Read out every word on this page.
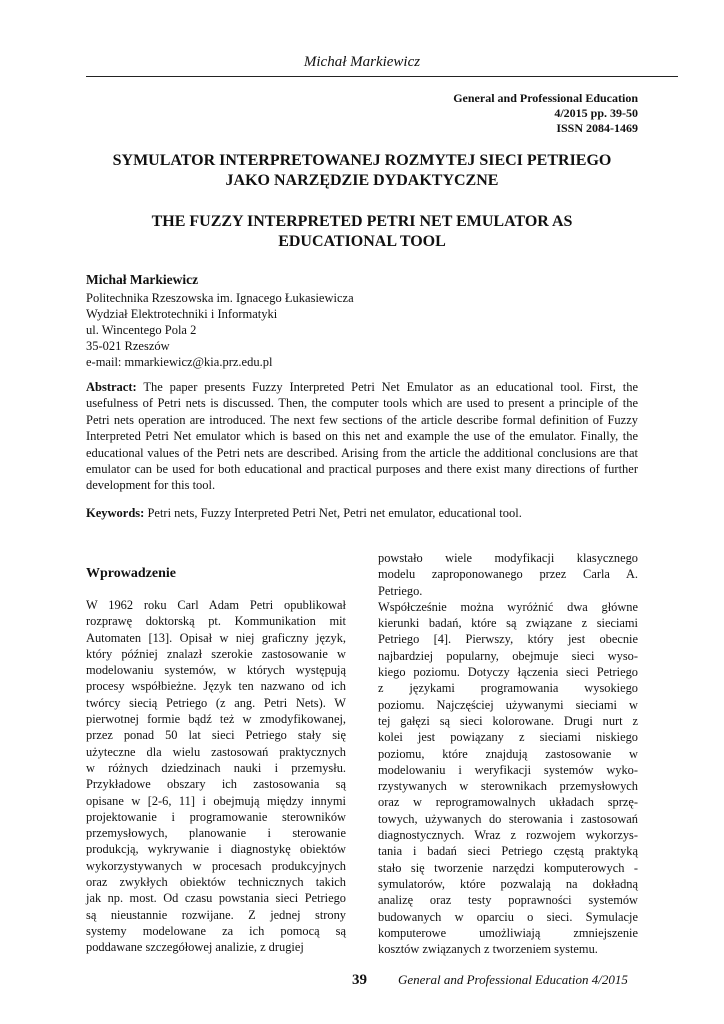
Michał Markiewicz
General and Professional Education
4/2015 pp. 39-50
ISSN 2084-1469
SYMULATOR INTERPRETOWANEJ ROZMYTEJ SIECI PETRIEGO
JAKO NARZĘDZIE DYDAKTYCZNE
THE FUZZY INTERPRETED PETRI NET EMULATOR AS
EDUCATIONAL TOOL
Michał Markiewicz
Politechnika Rzeszowska im. Ignacego Łukasiewicza
Wydział Elektrotechniki i Informatyki
ul. Wincentego Pola 2
35-021 Rzeszów
e-mail: mmarkiewicz@kia.prz.edu.pl
Abstract: The paper presents Fuzzy Interpreted Petri Net Emulator as an educational tool. First, the usefulness of Petri nets is discussed. Then, the computer tools which are used to present a principle of the Petri nets operation are introduced. The next few sections of the article describe formal definition of Fuzzy Interpreted Petri Net emulator which is based on this net and example the use of the emulator. Finally, the educational values of the Petri nets are described. Arising from the article the additional conclusions are that emulator can be used for both educational and practical purposes and there exist many directions of further development for this tool.
Keywords: Petri nets, Fuzzy Interpreted Petri Net, Petri net emulator, educational tool.
Wprowadzenie
W 1962 roku Carl Adam Petri opublikował
rozprawę doktorską pt. Kommunikation mit
Automaten [13]. Opisał w niej graficzny język,
który później znalazł szerokie zastosowanie w
modelowaniu systemów, w których występują
procesy współbieżne. Język ten nazwano od ich
twórcy siecią Petriego (z ang. Petri Nets). W
pierwotnej formie bądź też w zmodyfikowanej,
przez ponad 50 lat sieci Petriego stały się
użyteczne dla wielu zastosowań praktycznych
w różnych dziedzinach nauki i przemysłu.
Przykładowe obszary ich zastosowania są
opisane w [2-6, 11] i obejmują między innymi
projektowanie i programowanie sterowników
przemysłowych, planowanie i sterowanie
produkcją, wykrywanie i diagnostykę obiektów
wykorzystywanych w procesach produkcyjnych
oraz zwykłych obiektów technicznych takich
jak np. most. Od czasu powstania sieci Petriego
są nieustannie rozwijane. Z jednej strony
systemy modelowane za ich pomocą są
poddawane szczegółowej analizie, z drugiej
powstało wiele modyfikacji klasycznego
modelu zaproponowanego przez Carla A.
Petriego.
Współcześnie można wyróżnić dwa główne
kierunki badań, które są związane z sieciami
Petriego [4]. Pierwszy, który jest obecnie
najbardziej popularny, obejmuje sieci wyso-
kiego poziomu. Dotyczy łączenia sieci Petriego
z językami programowania wysokiego
poziomu. Najczęściej używanymi sieciami w
tej gałęzi są sieci kolorowane. Drugi nurt z
kolei jest powiązany z sieciami niskiego
poziomu, które znajdują zastosowanie w
modelowaniu i weryfikacji systemów wyko-
rzystywanych w sterownikach przemysłowych
oraz w reprogramowalnych układach sprzę-
towych, używanych do sterowania i zastosowań
diagnostycznych. Wraz z rozwojem wykorzys-
tania i badań sieci Petriego częstą praktyką
stało się tworzenie narzędzi komputerowych -
symulatorów, które pozwalają na dokładną
analizę oraz testy poprawności systemów
budowanych w oparciu o sieci. Symulacje
komputerowe umożliwiają zmniejszenie
kosztów związanych z tworzeniem systemu.
39 General and Professional Education 4/2015
